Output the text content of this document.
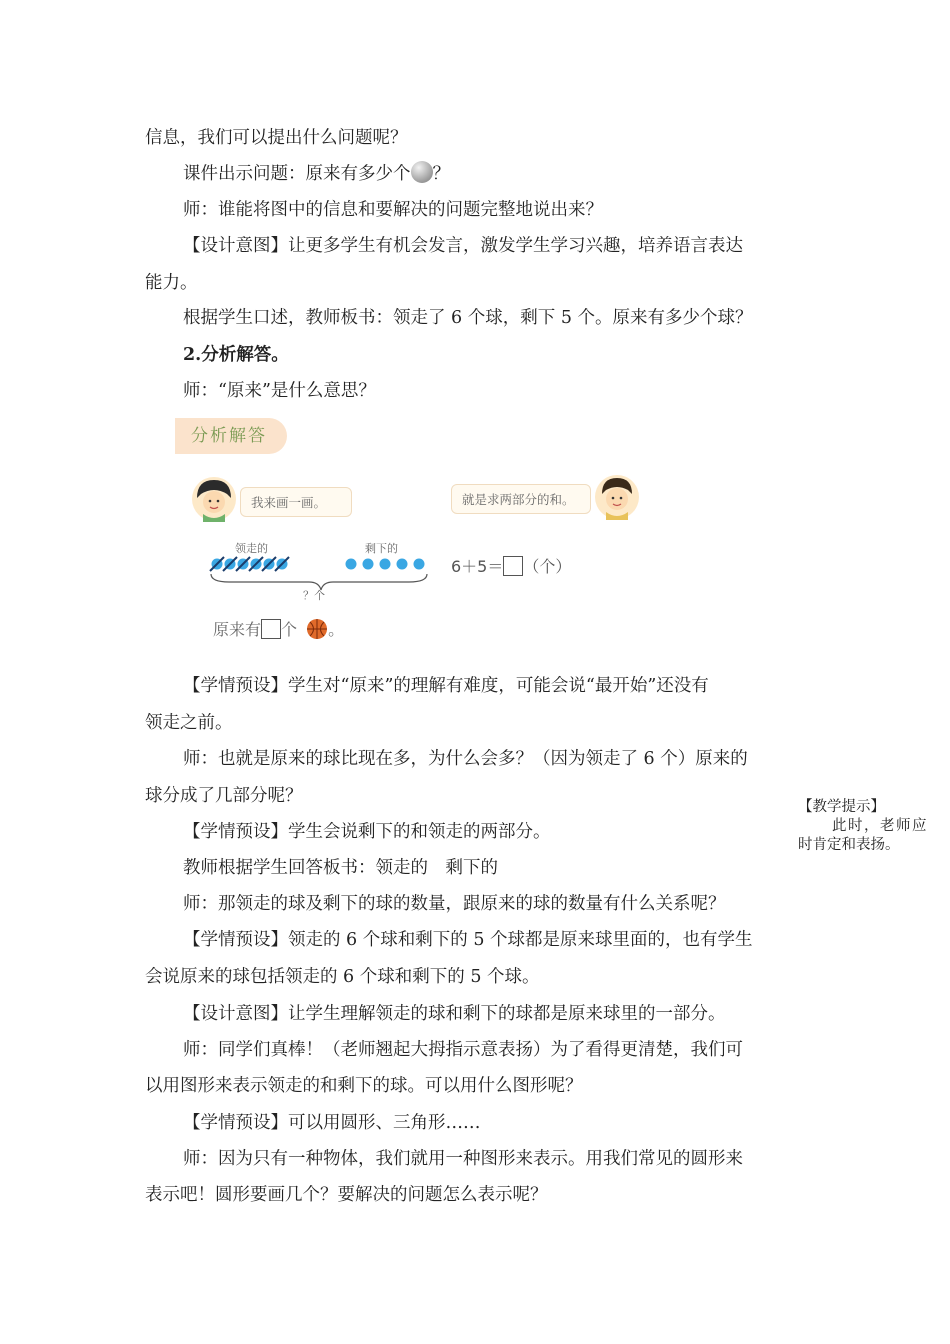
信息，我们可以提出什么问题呢？
课件出示问题：原来有多少个 ？
师：谁能将图中的信息和要解决的问题完整地说出来？
【设计意图】让更多学生有机会发言，激发学生学习兴趣，培养语言表达
能力。
根据学生口述，教师板书：领走了 6 个球，剩下 5 个。原来有多少个球？
2.分析解答。
师：“原来”是什么意思？
分析解答
我来画一画。	就是求两部分的和。
领走的	剩下的
？个
6＋5＝ （个）
原来有 个 。
【学情预设】学生对“原来”的理解有难度，可能会说“最开始”还没有
领走之前。
师：也就是原来的球比现在多，为什么会多？（因为领走了 6 个）原来的
球分成了几部分呢？
【学情预设】学生会说剩下的和领走的两部分。
教师根据学生回答板书：领走的　剩下的
师：那领走的球及剩下的球的数量，跟原来的球的数量有什么关系呢？
【学情预设】领走的 6 个球和剩下的 5 个球都是原来球里面的，也有学生
会说原来的球包括领走的 6 个球和剩下的 5 个球。
【设计意图】让学生理解领走的球和剩下的球都是原来球里的一部分。
师：同学们真棒！（老师翘起大拇指示意表扬）为了看得更清楚，我们可
以用图形来表示领走的和剩下的球。可以用什么图形呢？
【学情预设】可以用圆形、三角形……
师：因为只有一种物体，我们就用一种图形来表示。用我们常见的圆形来
表示吧！圆形要画几个？要解决的问题怎么表示呢？
【教学提示】
此时，老师应
时肯定和表扬。
